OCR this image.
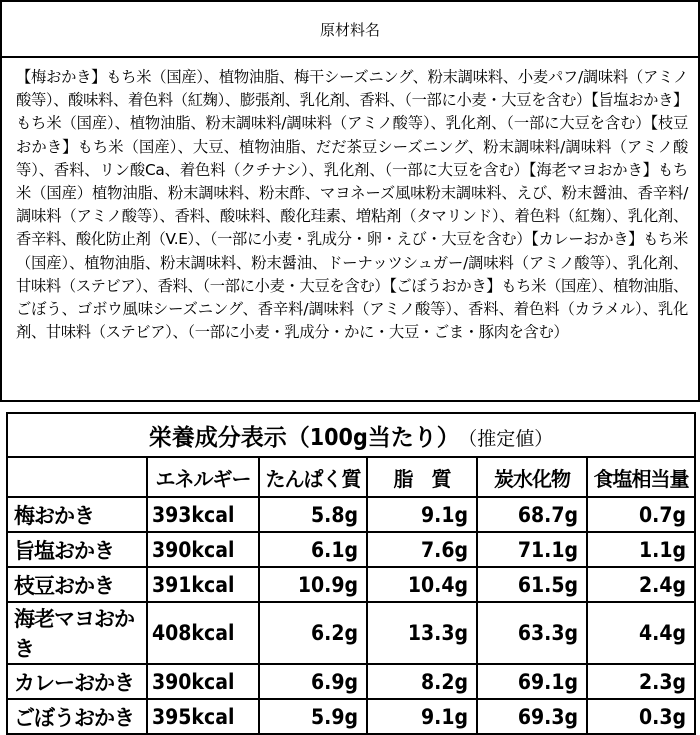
原材料名
【梅おかき】もち米（国産）、植物油脂、梅干シーズニング、粉末調味料、小麦パフ/調味料（アミノ酸等）、酸味料、着色料（紅麹）、膨張剤、乳化剤、香料、（一部に小麦・大豆を含む）【旨塩おかき】もち米（国産）、植物油脂、粉末調味料/調味料（アミノ酸等）、乳化剤、（一部に大豆を含む）【枝豆おかき】もち米（国産）、大豆、植物油脂、だだ茶豆シーズニング、粉末調味料/調味料（アミノ酸等）、香料、リン酸Ca、着色料（クチナシ）、乳化剤、（一部に大豆を含む）【海老マヨおかき】もち米（国産）植物油脂、粉末調味料、粉末酢、マヨネーズ風味粉末調味料、えび、粉末醤油、香辛料/調味料（アミノ酸等）、香料、酸味料、酸化珪素、増粘剤（タマリンド）、着色料（紅麹）、乳化剤、香辛料、酸化防止剤（V.E）、（一部に小麦・乳成分・卵・えび・大豆を含む）【カレーおかき】もち米（国産）、植物油脂、粉末調味料、粉末醤油、ドーナッツシュガー/調味料（アミノ酸等）、乳化剤、甘味料（ステビア）、香料、（一部に小麦・大豆を含む）【ごぼうおかき】もち米（国産）、植物油脂、ごぼう、ゴボウ風味シーズニング、香辛料/調味料（アミノ酸等）、香料、着色料（カラメル）、乳化剤、甘味料（ステビア）、（一部に小麦・乳成分・かに・大豆・ごま・豚肉を含む）
栄養成分表示（100g当たり） （推定値）					
	エネルギー	たんぱく質	脂　質	炭水化物	食塩相当量
梅おかき	393kcal	5.8g	9.1g	68.7g	0.7g
旨塩おかき	390kcal	6.1g	7.6g	71.1g	1.1g
枝豆おかき	391kcal	10.9g	10.4g	61.5g	2.4g
海老マヨおかき	408kcal	6.2g	13.3g	63.3g	4.4g
カレーおかき	390kcal	6.9g	8.2g	69.1g	2.3g
ごぼうおかき	395kcal	5.9g	9.1g	69.3g	0.3g
